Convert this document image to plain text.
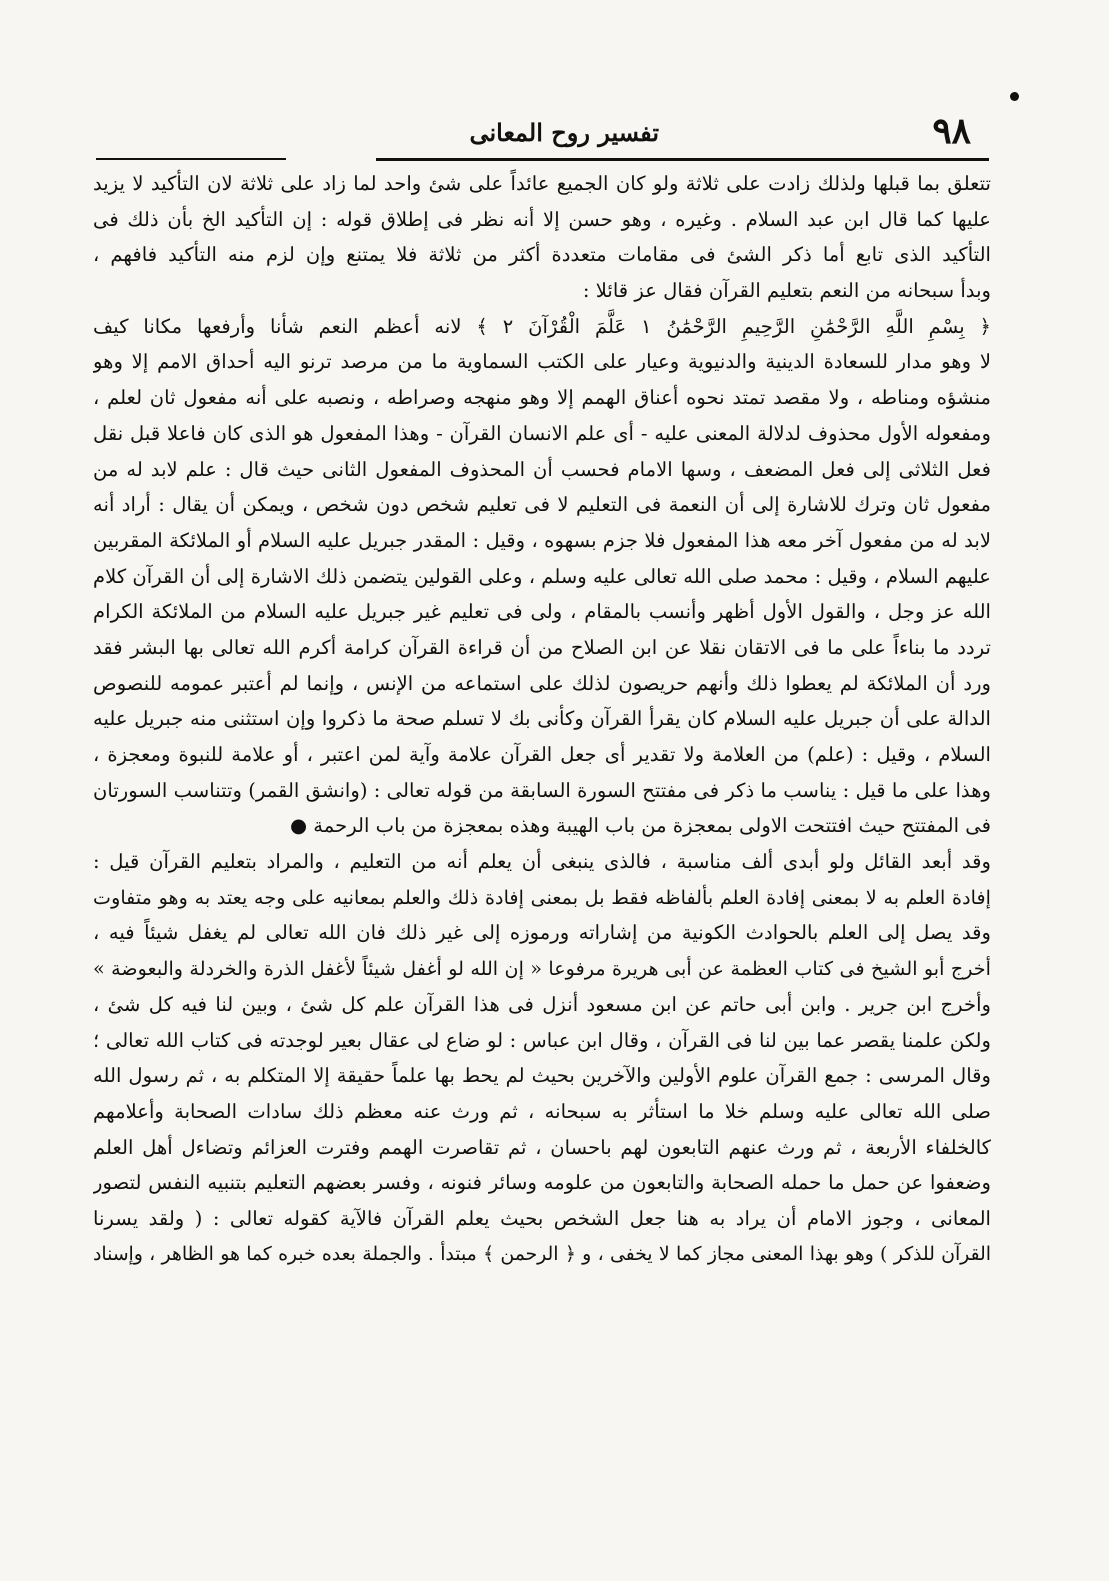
٩٨
تفسير روح المعانى
تتعلق بما قبلها ولذلك زادت على ثلاثة ولو كان الجميع عائداً على شئ واحد لما زاد على ثلاثة لان التأكيد لا يزيد
عليها كما قال ابن عبد السلام . وغيره ، وهو حسن إلا أنه نظر فى إطلاق قوله : إن التأكيد الخ بأن ذلك فى
التأكيد الذى تابع أما ذكر الشئ فى مقامات متعددة أكثر من ثلاثة فلا يمتنع وإن لزم منه التأكيد فافهم ،
وبدأ سبحانه من النعم بتعليم القرآن فقال عز قائلا :
﴿ بِسْمِ اللَّهِ الرَّحْمَٰنِ الرَّحِيمِ الرَّحْمَٰنُ ١ عَلَّمَ الْقُرْآنَ ٢ ﴾ لانه أعظم النعم شأنا وأرفعها مكانا كيف
لا وهو مدار للسعادة الدينية والدنيوية وعيار على الكتب السماوية ما من مرصد ترنو اليه أحداق الامم إلا وهو
منشؤه ومناطه ، ولا مقصد تمتد نحوه أعناق الهمم إلا وهو منهجه وصراطه ، ونصبه على أنه مفعول ثان لعلم ،
ومفعوله الأول محذوف لدلالة المعنى عليه - أى علم الانسان القرآن - وهذا المفعول هو الذى كان فاعلا قبل نقل
فعل الثلاثى إلى فعل المضعف ، وسها الامام فحسب أن المحذوف المفعول الثانى حيث قال : علم لابد له من
مفعول ثان وترك للاشارة إلى أن النعمة فى التعليم لا فى تعليم شخص دون شخص ، ويمكن أن يقال : أراد أنه
لابد له من مفعول آخر معه هذا المفعول فلا جزم بسهوه ، وقيل : المقدر جبريل عليه السلام أو الملائكة المقربين
عليهم السلام ، وقيل : محمد صلى الله تعالى عليه وسلم ، وعلى القولين يتضمن ذلك الاشارة إلى أن القرآن كلام
الله عز وجل ، والقول الأول أظهر وأنسب بالمقام ، ولى فى تعليم غير جبريل عليه السلام من الملائكة الكرام
تردد ما بناءاً على ما فى الاتقان نقلا عن ابن الصلاح من أن قراءة القرآن كرامة أكرم الله تعالى بها البشر فقد
ورد أن الملائكة لم يعطوا ذلك وأنهم حريصون لذلك على استماعه من الإنس ، وإنما لم أعتبر عمومه للنصوص
الدالة على أن جبريل عليه السلام كان يقرأ القرآن وكأنى بك لا تسلم صحة ما ذكروا وإن استثنى منه جبريل عليه
السلام ، وقيل : (علم) من العلامة ولا تقدير أى جعل القرآن علامة وآية لمن اعتبر ، أو علامة للنبوة ومعجزة ،
وهذا على ما قيل : يناسب ما ذكر فى مفتتح السورة السابقة من قوله تعالى : (وانشق القمر) وتتناسب السورتان
فى المفتتح حيث افتتحت الاولى بمعجزة من باب الهيبة وهذه بمعجزة من باب الرحمة ●
وقد أبعد القائل ولو أبدى ألف مناسبة ، فالذى ينبغى أن يعلم أنه من التعليم ، والمراد بتعليم القرآن قيل :
إفادة العلم به لا بمعنى إفادة العلم بألفاظه فقط بل بمعنى إفادة ذلك والعلم بمعانيه على وجه يعتد به وهو متفاوت
وقد يصل إلى العلم بالحوادث الكونية من إشاراته ورموزه إلى غير ذلك فان الله تعالى لم يغفل شيئاً فيه ،
أخرج أبو الشيخ فى كتاب العظمة عن أبى هريرة مرفوعا « إن الله لو أغفل شيئاً لأغفل الذرة والخردلة والبعوضة »
وأخرج ابن جرير . وابن أبى حاتم عن ابن مسعود أنزل فى هذا القرآن علم كل شئ ، وبين لنا فيه كل شئ ،
ولكن علمنا يقصر عما بين لنا فى القرآن ، وقال ابن عباس : لو ضاع لى عقال بعير لوجدته فى كتاب الله تعالى ؛
وقال المرسى : جمع القرآن علوم الأولين والآخرين بحيث لم يحط بها علماً حقيقة إلا المتكلم به ، ثم رسول الله
صلى الله تعالى عليه وسلم خلا ما استأثر به سبحانه ، ثم ورث عنه معظم ذلك سادات الصحابة وأعلامهم
كالخلفاء الأربعة ، ثم ورث عنهم التابعون لهم باحسان ، ثم تقاصرت الهمم وفترت العزائم وتضاءل أهل العلم
وضعفوا عن حمل ما حمله الصحابة والتابعون من علومه وسائر فنونه ، وفسر بعضهم التعليم بتنبيه النفس لتصور
المعانى ، وجوز الامام أن يراد به هنا جعل الشخص بحيث يعلم القرآن فالآية كقوله تعالى : ( ولقد يسرنا
القرآن للذكر ) وهو بهذا المعنى مجاز كما لا يخفى ، و ﴿ الرحمن ﴾ مبتدأ . والجملة بعده خبره كما هو الظاهر ، وإسناد
